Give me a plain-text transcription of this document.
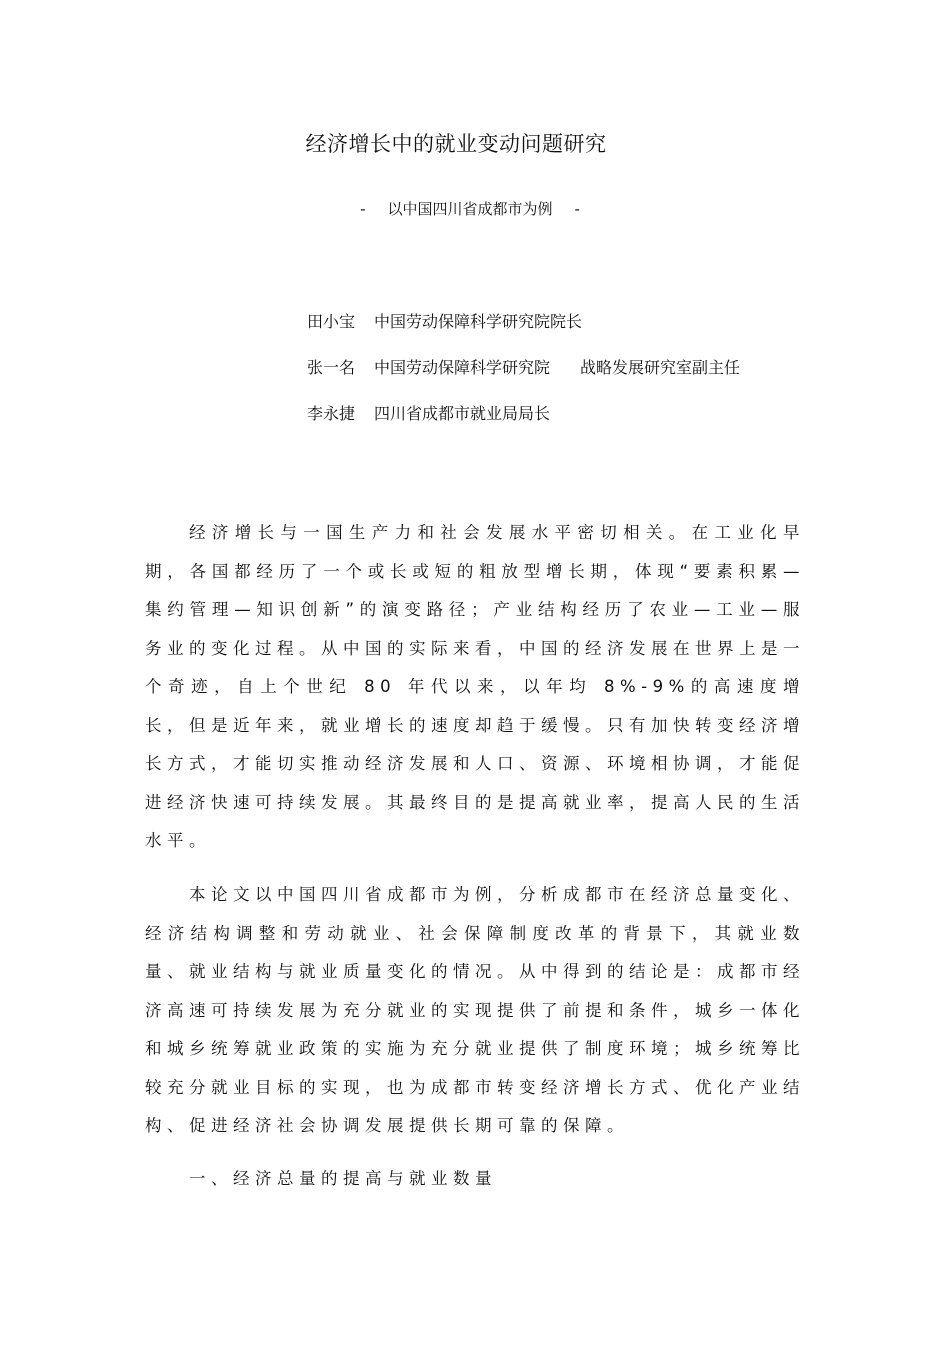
经济增长中的就业变动问题研究
- 以中国四川省成都市为例 -
田小宝 中国劳动保障科学研究院院长
张一名 中国劳动保障科学研究院 战略发展研究室副主任
李永捷 四川省成都市就业局局长

经济增长与一国生产力和社会发展水平密切相关。在工业化早期，各国都经历了一个或长或短的粗放型增长期，体现“要素积累—集约管理—知识创新”的演变路径；产业结构经历了农业—工业—服务业的变化过程。从中国的实际来看，中国的经济发展在世界上是一个奇迹，自上个世纪 80 年代以来，以年均 8%-9%的高速度增长，但是近年来，就业增长的速度却趋于缓慢。只有加快转变经济增长方式，才能切实推动经济发展和人口、资源、环境相协调，才能促进经济快速可持续发展。其最终目的是提高就业率，提高人民的生活水平。

本论文以中国四川省成都市为例，分析成都市在经济总量变化、经济结构调整和劳动就业、社会保障制度改革的背景下，其就业数量、就业结构与就业质量变化的情况。从中得到的结论是：成都市经济高速可持续发展为充分就业的实现提供了前提和条件，城乡一体化和城乡统筹就业政策的实施为充分就业提供了制度环境；城乡统筹比较充分就业目标的实现，也为成都市转变经济增长方式、优化产业结构、促进经济社会协调发展提供长期可靠的保障。

一、经济总量的提高与就业数量
